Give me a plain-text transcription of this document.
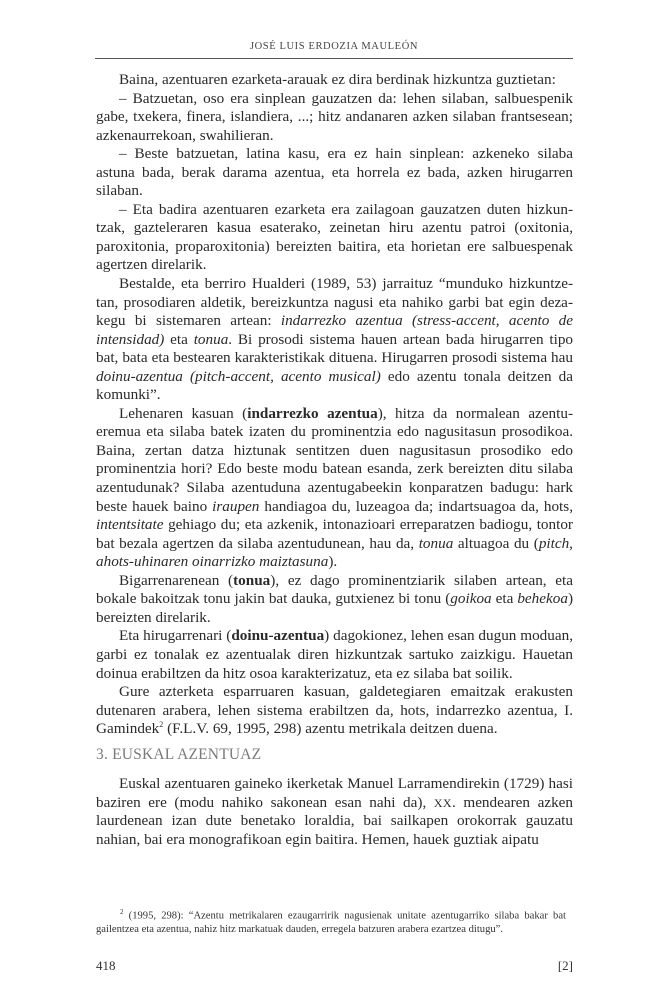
JOSÉ LUIS ERDOZIA MAULEÓN

Baina, azentuaren ezarketa-arauak ez dira berdinak hizkuntza guztietan:

– Batzuetan, oso era sinplean gauzatzen da: lehen silaban, salbuespenik gabe, txekera, finera, islandiera, ...; hitz andanaren azken silaban frantsesean; azkenaurrekoan, swahilieran.

– Beste batzuetan, latina kasu, era ez hain sinplean: azkeneko silaba astuna bada, berak darama azentua, eta horrela ez bada, azken hirugarren silaban.

– Eta badira azentuaren ezarketa era zailagoan gauzatzen duten hizkuntzak, gazteleraren kasua esaterako, zeinetan hiru azentu patroi (oxitonia, paroxitonia, proparoxitonia) bereizten baitira, eta horietan ere salbuespenak agertzen direlarik.

Bestalde, eta berriro Hualderi (1989, 53) jarraituz “munduko hizkuntzetan, prosodiaren aldetik, bereizkuntza nagusi eta nahiko garbi bat egin dezakegu bi sistemaren artean: indarrezko azentua (stress-accent, acento de intensidad) eta tonua. Bi prosodi sistema hauen artean bada hirugarren tipo bat, bata eta bestearen karakteristikak dituena. Hirugarren prosodi sistema hau doinu-azentua (pitch-accent, acento musical) edo azentu tonala deitzen da komunki”.

Lehenaren kasuan (indarrezko azentua), hitza da normalean azentu-eremua eta silaba batek izaten du prominentzia edo nagusitasun prosodikoa. Baina, zertan datza hiztunak sentitzen duen nagusitasun prosodiko edo prominentzia hori? Edo beste modu batean esanda, zerk bereizten ditu silaba azentudunak? Silaba azentuduna azentugabeekin konparatzen badugu: hark beste hauek baino iraupen handiagoa du, luzeagoa da; indartsuagoa da, hots, intentsitate gehiago du; eta azkenik, intonazioari erreparatzen badiogu, tontor bat bezala agertzen da silaba azentudunean, hau da, tonua altuagoa du (pitch, ahots-uhinaren oinarrizko maiztasuna).

Bigarrenarenean (tonua), ez dago prominentziarik silaben artean, eta bokale bakoitzak tonu jakin bat dauka, gutxienez bi tonu (goikoa eta behekoa) bereizten direlarik.

Eta hirugarrenari (doinu-azentua) dagokionez, lehen esan dugun moduan, garbi ez tonalak ez azentualak diren hizkuntzak sartuko zaizkigu. Hauetan doinua erabiltzen da hitz osoa karakterizatuz, eta ez silaba bat soilik.

Gure azterketa esparruaren kasuan, galdetegiaren emaitzak erakusten dutenaren arabera, lehen sistema erabiltzen da, hots, indarrezko azentua, I. Gamindek$^2$ (F.L.V. 69, 1995, 298) azentu metrikala deitzen duena.

3. EUSKAL AZENTUAZ

Euskal azentuaren gaineko ikerketak Manuel Larramendirekin (1729) hasi baziren ere (modu nahiko sakonean esan nahi da), XX. mendearen azken laurdenean izan dute benetako loraldia, bai sailkapen orokorrak gauzatu nahian, bai era monografikoan egin baitira. Hemen, hauek guztiak aipatu

$^2$ (1995, 298): “Azentu metrikalaren ezaugarririk nagusienak unitate azentugarriko silaba bakar bat gailentzea eta azentua, nahiz hitz markatuak dauden, erregela batzuren arabera ezartzea ditugu”.

418	[2]
